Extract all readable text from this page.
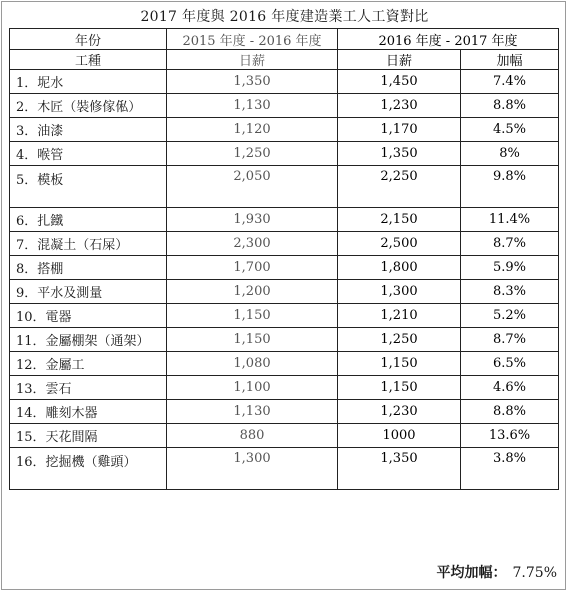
2017 年度與 2016 年度建造業工人工資對比
年份	2015 年度 - 2016 年度	2016 年度 - 2017 年度	
工種	日薪	日薪	加幅
1．坭水	1,350	1,450	7.4%
2．木匠（裝修傢俬）	1,130	1,230	8.8%
3．油漆	1,120	1,170	4.5%
4．喉管	1,250	1,350	8%
5．模板	2,050	2,250	9.8%
6．扎鐵	1,930	2,150	11.4%
7．混凝土（石屎）	2,300	2,500	8.7%
8．搭棚	1,700	1,800	5.9%
9．平水及測量	1,200	1,300	8.3%
10．電器	1,150	1,210	5.2%
11．金屬棚架（通架）	1,150	1,250	8.7%
12．金屬工	1,080	1,150	6.5%
13．雲石	1,100	1,150	4.6%
14．雕刻木器	1,130	1,230	8.8%
15．天花間隔	880	1000	13.6%
16．挖掘機（雞頭）	1,300	1,350	3.8%
平均加幅： 7.75%
